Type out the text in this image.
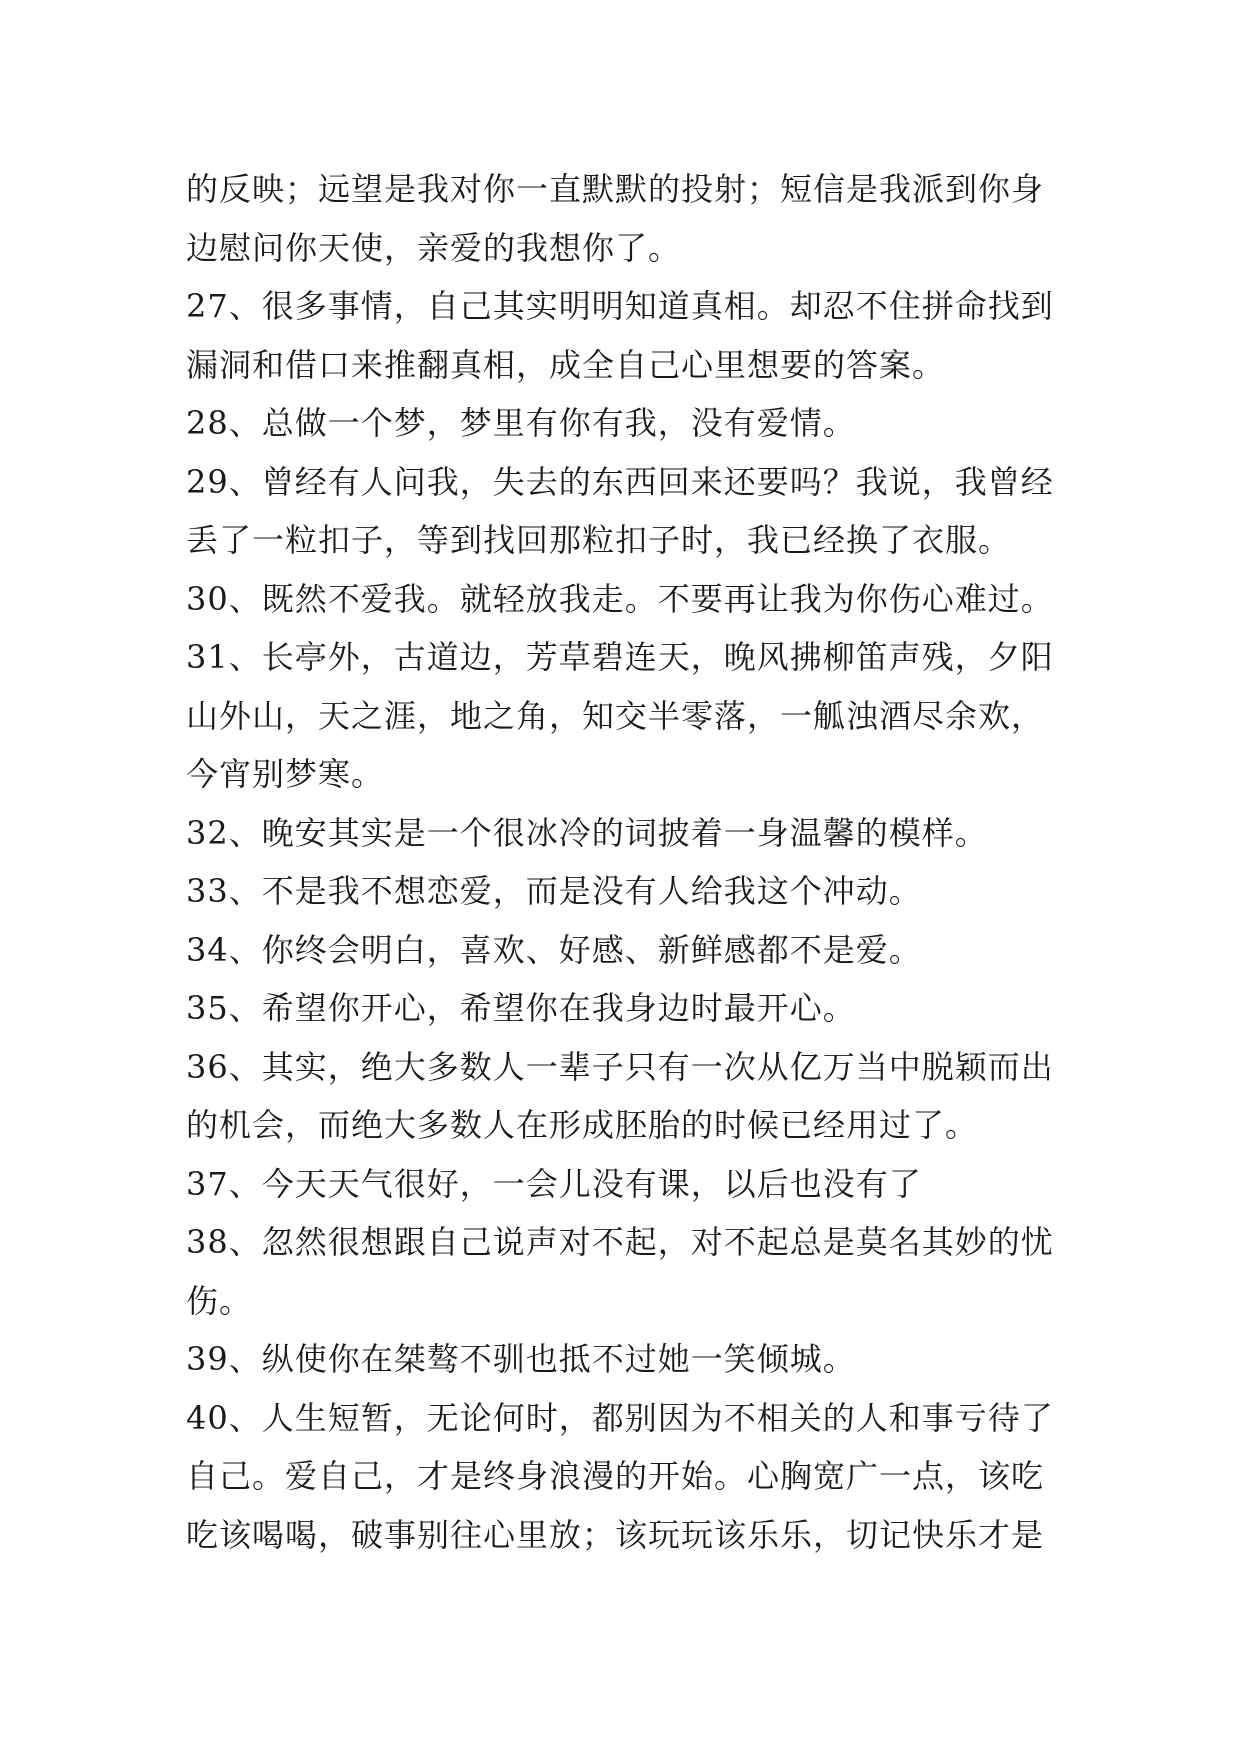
的反映；远望是我对你一直默默的投射；短信是我派到你身
边慰问你天使，亲爱的我想你了。
27、很多事情，自己其实明明知道真相。却忍不住拼命找到
漏洞和借口来推翻真相，成全自己心里想要的答案。
28、总做一个梦，梦里有你有我，没有爱情。
29、曾经有人问我，失去的东西回来还要吗？我说，我曾经
丢了一粒扣子，等到找回那粒扣子时，我已经换了衣服。
30、既然不爱我。就轻放我走。不要再让我为你伤心难过。
31、长亭外，古道边，芳草碧连天，晚风拂柳笛声残，夕阳
山外山，天之涯，地之角，知交半零落，一觚浊酒尽余欢，
今宵别梦寒。
32、晚安其实是一个很冰冷的词披着一身温馨的模样。
33、不是我不想恋爱，而是没有人给我这个冲动。
34、你终会明白，喜欢、好感、新鲜感都不是爱。
35、希望你开心，希望你在我身边时最开心。
36、其实，绝大多数人一辈子只有一次从亿万当中脱颖而出
的机会，而绝大多数人在形成胚胎的时候已经用过了。
37、今天天气很好，一会儿没有课，以后也没有了
38、忽然很想跟自己说声对不起，对不起总是莫名其妙的忧
伤。
39、纵使你在桀骜不驯也抵不过她一笑倾城。
40、人生短暂，无论何时，都别因为不相关的人和事亏待了
自己。爱自己，才是终身浪漫的开始。心胸宽广一点，该吃
吃该喝喝，破事别往心里放；该玩玩该乐乐，切记快乐才是
